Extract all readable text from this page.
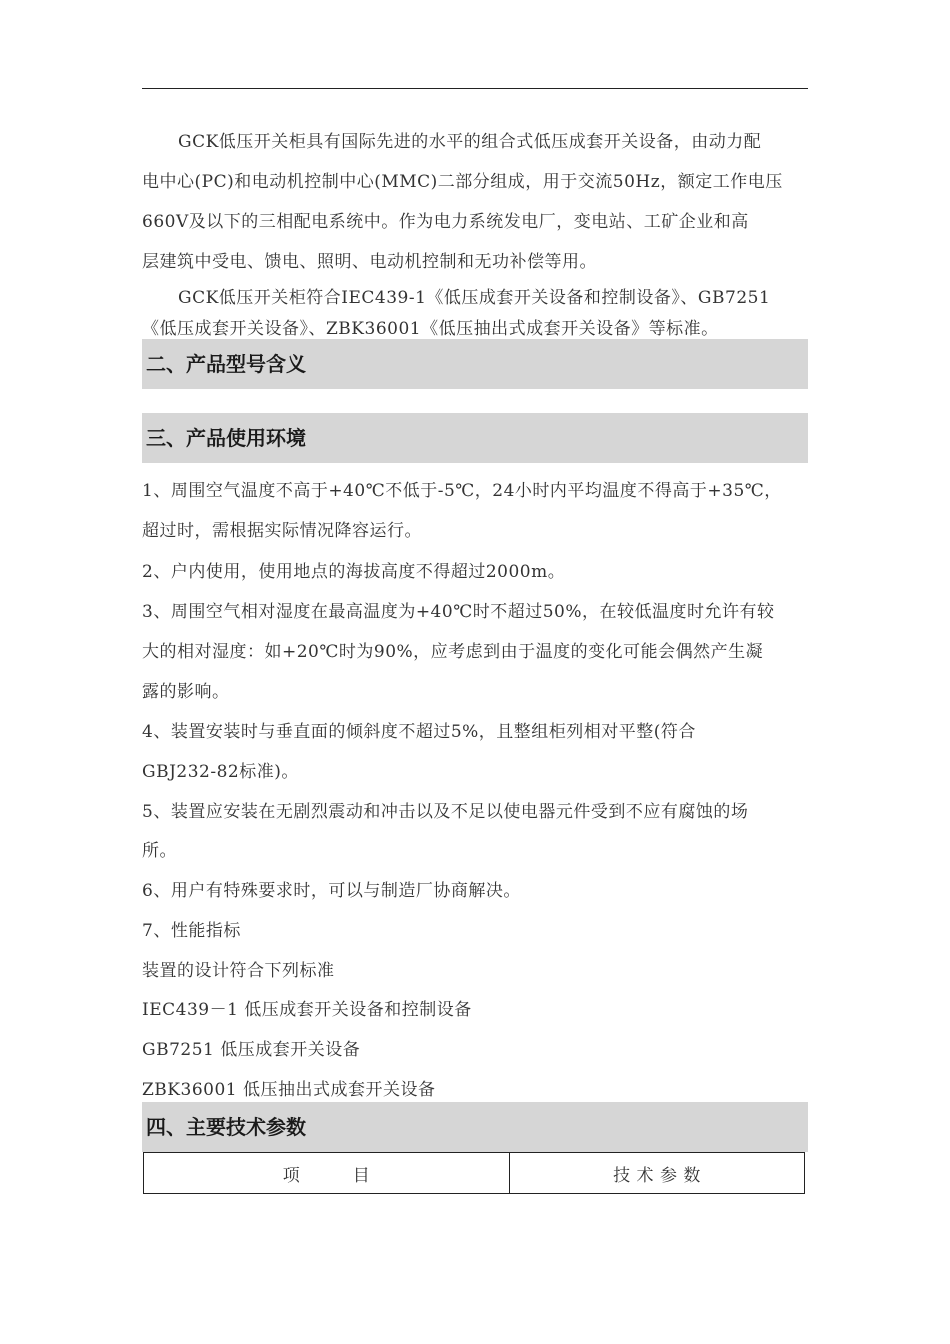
GCK低压开关柜具有国际先进的水平的组合式低压成套开关设备，由动力配
电中心(PC)和电动机控制中心(MMC)二部分组成，用于交流50Hz，额定工作电压
660V及以下的三相配电系统中。作为电力系统发电厂，变电站、工矿企业和高
层建筑中受电、馈电、照明、电动机控制和无功补偿等用。
GCK低压开关柜符合IEC439-1《低压成套开关设备和控制设备》、GB7251
《低压成套开关设备》、ZBK36001《低压抽出式成套开关设备》等标准。
二、产品型号含义
三、产品使用环境
1、周围空气温度不高于+40℃不低于-5℃，24小时内平均温度不得高于+35℃，
超过时，需根据实际情况降容运行。
2、户内使用，使用地点的海拔高度不得超过2000m。
3、周围空气相对湿度在最高温度为+40℃时不超过50%，在较低温度时允许有较
大的相对湿度：如+20℃时为90%，应考虑到由于温度的变化可能会偶然产生凝
露的影响。
4、装置安装时与垂直面的倾斜度不超过5%，且整组柜列相对平整(符合
GBJ232-82标准)。
5、装置应安装在无剧烈震动和冲击以及不足以使电器元件受到不应有腐蚀的场
所。
6、用户有特殊要求时，可以与制造厂协商解决。
7、性能指标
装置的设计符合下列标准
IEC439－1 低压成套开关设备和控制设备
GB7251 低压成套开关设备
ZBK36001 低压抽出式成套开关设备
四、主要技术参数
项　　　目	技 术 参 数
